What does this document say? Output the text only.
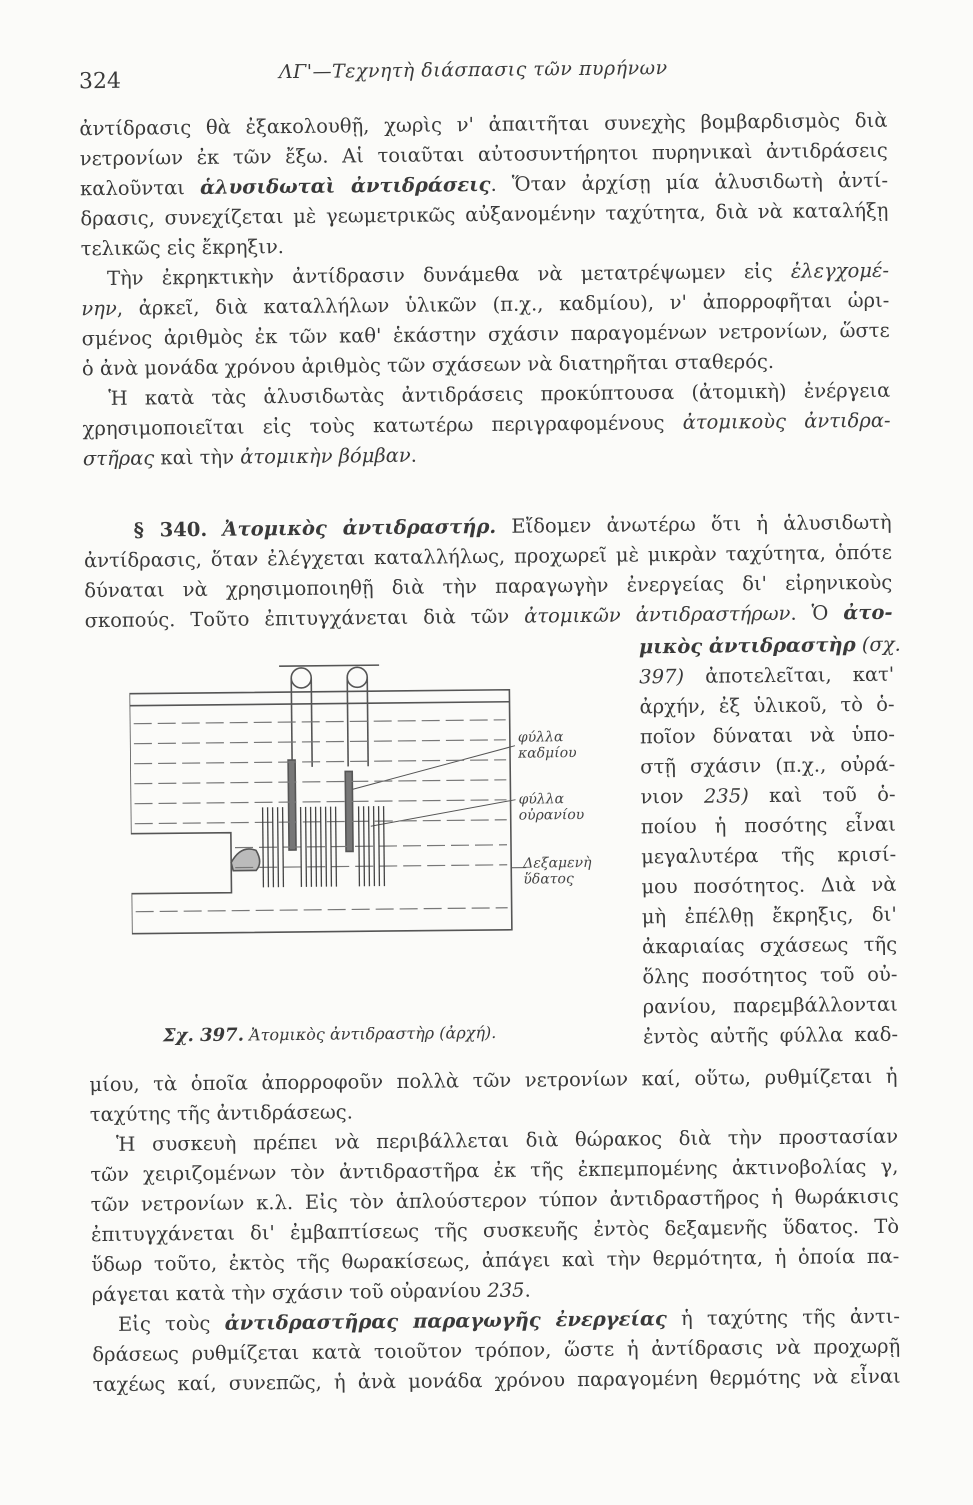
324	ΛΓ'—Τεχνητὴ διάσπασις τῶν πυρήνων
ἀντίδρασις θὰ ἐξακολουθῇ, χωρὶς ν' ἀπαιτῆται συνεχὴς βομβαρδισμὸς διὰ
νετρονίων ἐκ τῶν ἔξω. Αἱ τοιαῦται αὐτοσυντήρητοι πυρηνικαὶ ἀντιδράσεις
καλοῦνται ἁλυσιδωταὶ ἀντιδράσεις. Ὅταν ἀρχίσῃ μία ἁλυσιδωτὴ ἀντί-
δρασις, συνεχίζεται μὲ γεωμετρικῶς αὐξανομένην ταχύτητα, διὰ νὰ καταλήξῃ
τελικῶς εἰς ἔκρηξιν.
Τὴν ἐκρηκτικὴν ἀντίδρασιν δυνάμεθα νὰ μετατρέψωμεν εἰς ἐλεγχομέ-
νην, ἀρκεῖ, διὰ καταλλήλων ὑλικῶν (π.χ., καδμίου), ν' ἀπορροφῆται ὡρι-
σμένος ἀριθμὸς ἐκ τῶν καθ' ἑκάστην σχάσιν παραγομένων νετρονίων, ὥστε
ὁ ἀνὰ μονάδα χρόνου ἀριθμὸς τῶν σχάσεων νὰ διατηρῆται σταθερός.
Ἡ κατὰ τὰς ἁλυσιδωτὰς ἀντιδράσεις προκύπτουσα (ἀτομικὴ) ἐνέργεια
χρησιμοποιεῖται εἰς τοὺς κατωτέρω περιγραφομένους ἀτομικοὺς ἀντιδρα-
στῆρας καὶ τὴν ἀτομικὴν βόμβαν.
§ 340. Ἀτομικὸς ἀντιδραστήρ. Εἴδομεν ἀνωτέρω ὅτι ἡ ἁλυσιδωτὴ
ἀντίδρασις, ὅταν ἐλέγχεται καταλλήλως, προχωρεῖ μὲ μικρὰν ταχύτητα, ὁπότε
δύναται νὰ χρησιμοποιηθῇ διὰ τὴν παραγωγὴν ἐνεργείας δι' εἰρηνικοὺς
σκοπούς. Τοῦτο ἐπιτυγχάνεται διὰ τῶν ἀτομικῶν ἀντιδραστήρων. Ὁ ἀτο-
μικὸς ἀντιδραστὴρ (σχ.
397) ἀποτελεῖται, κατ'
ἀρχήν, ἐξ ὑλικοῦ, τὸ ὁ-
ποῖον δύναται νὰ ὑπο-
στῇ σχάσιν (π.χ., οὐρά-
νιον 235) καὶ τοῦ ὁ-
ποίου ἡ ποσότης εἶναι
μεγαλυτέρα τῆς κρισί-
μου ποσότητος. Διὰ νὰ
μὴ ἐπέλθῃ ἔκρηξις, δι'
ἀκαριαίας σχάσεως τῆς
ὅλης ποσότητος τοῦ οὐ-
ρανίου, παρεμβάλλονται
ἐντὸς αὐτῆς φύλλα καδ-
φύλλα
καδμίου
φύλλα
οὐρανίου
Δεξαμενὴ
ὕδατος
Σχ. 397. Ἀτομικὸς ἀντιδραστὴρ (ἀρχή).
μίου, τὰ ὁποῖα ἀπορροφοῦν πολλὰ τῶν νετρονίων καί, οὕτω, ρυθμίζεται ἡ
ταχύτης τῆς ἀντιδράσεως.
Ἡ συσκευὴ πρέπει νὰ περιβάλλεται διὰ θώρακος διὰ τὴν προστασίαν
τῶν χειριζομένων τὸν ἀντιδραστῆρα ἐκ τῆς ἐκπεμπομένης ἀκτινοβολίας γ,
τῶν νετρονίων κ.λ. Εἰς τὸν ἁπλούστερον τύπον ἀντιδραστῆρος ἡ θωράκισις
ἐπιτυγχάνεται δι' ἐμβαπτίσεως τῆς συσκευῆς ἐντὸς δεξαμενῆς ὕδατος. Τὸ
ὕδωρ τοῦτο, ἐκτὸς τῆς θωρακίσεως, ἀπάγει καὶ τὴν θερμότητα, ἡ ὁποία πα-
ράγεται κατὰ τὴν σχάσιν τοῦ οὐρανίου 235.
Εἰς τοὺς ἀντιδραστῆρας παραγωγῆς ἐνεργείας ἡ ταχύτης τῆς ἀντι-
δράσεως ρυθμίζεται κατὰ τοιοῦτον τρόπον, ὥστε ἡ ἀντίδρασις νὰ προχωρῇ
ταχέως καί, συνεπῶς, ἡ ἀνὰ μονάδα χρόνου παραγομένη θερμότης νὰ εἶναι
